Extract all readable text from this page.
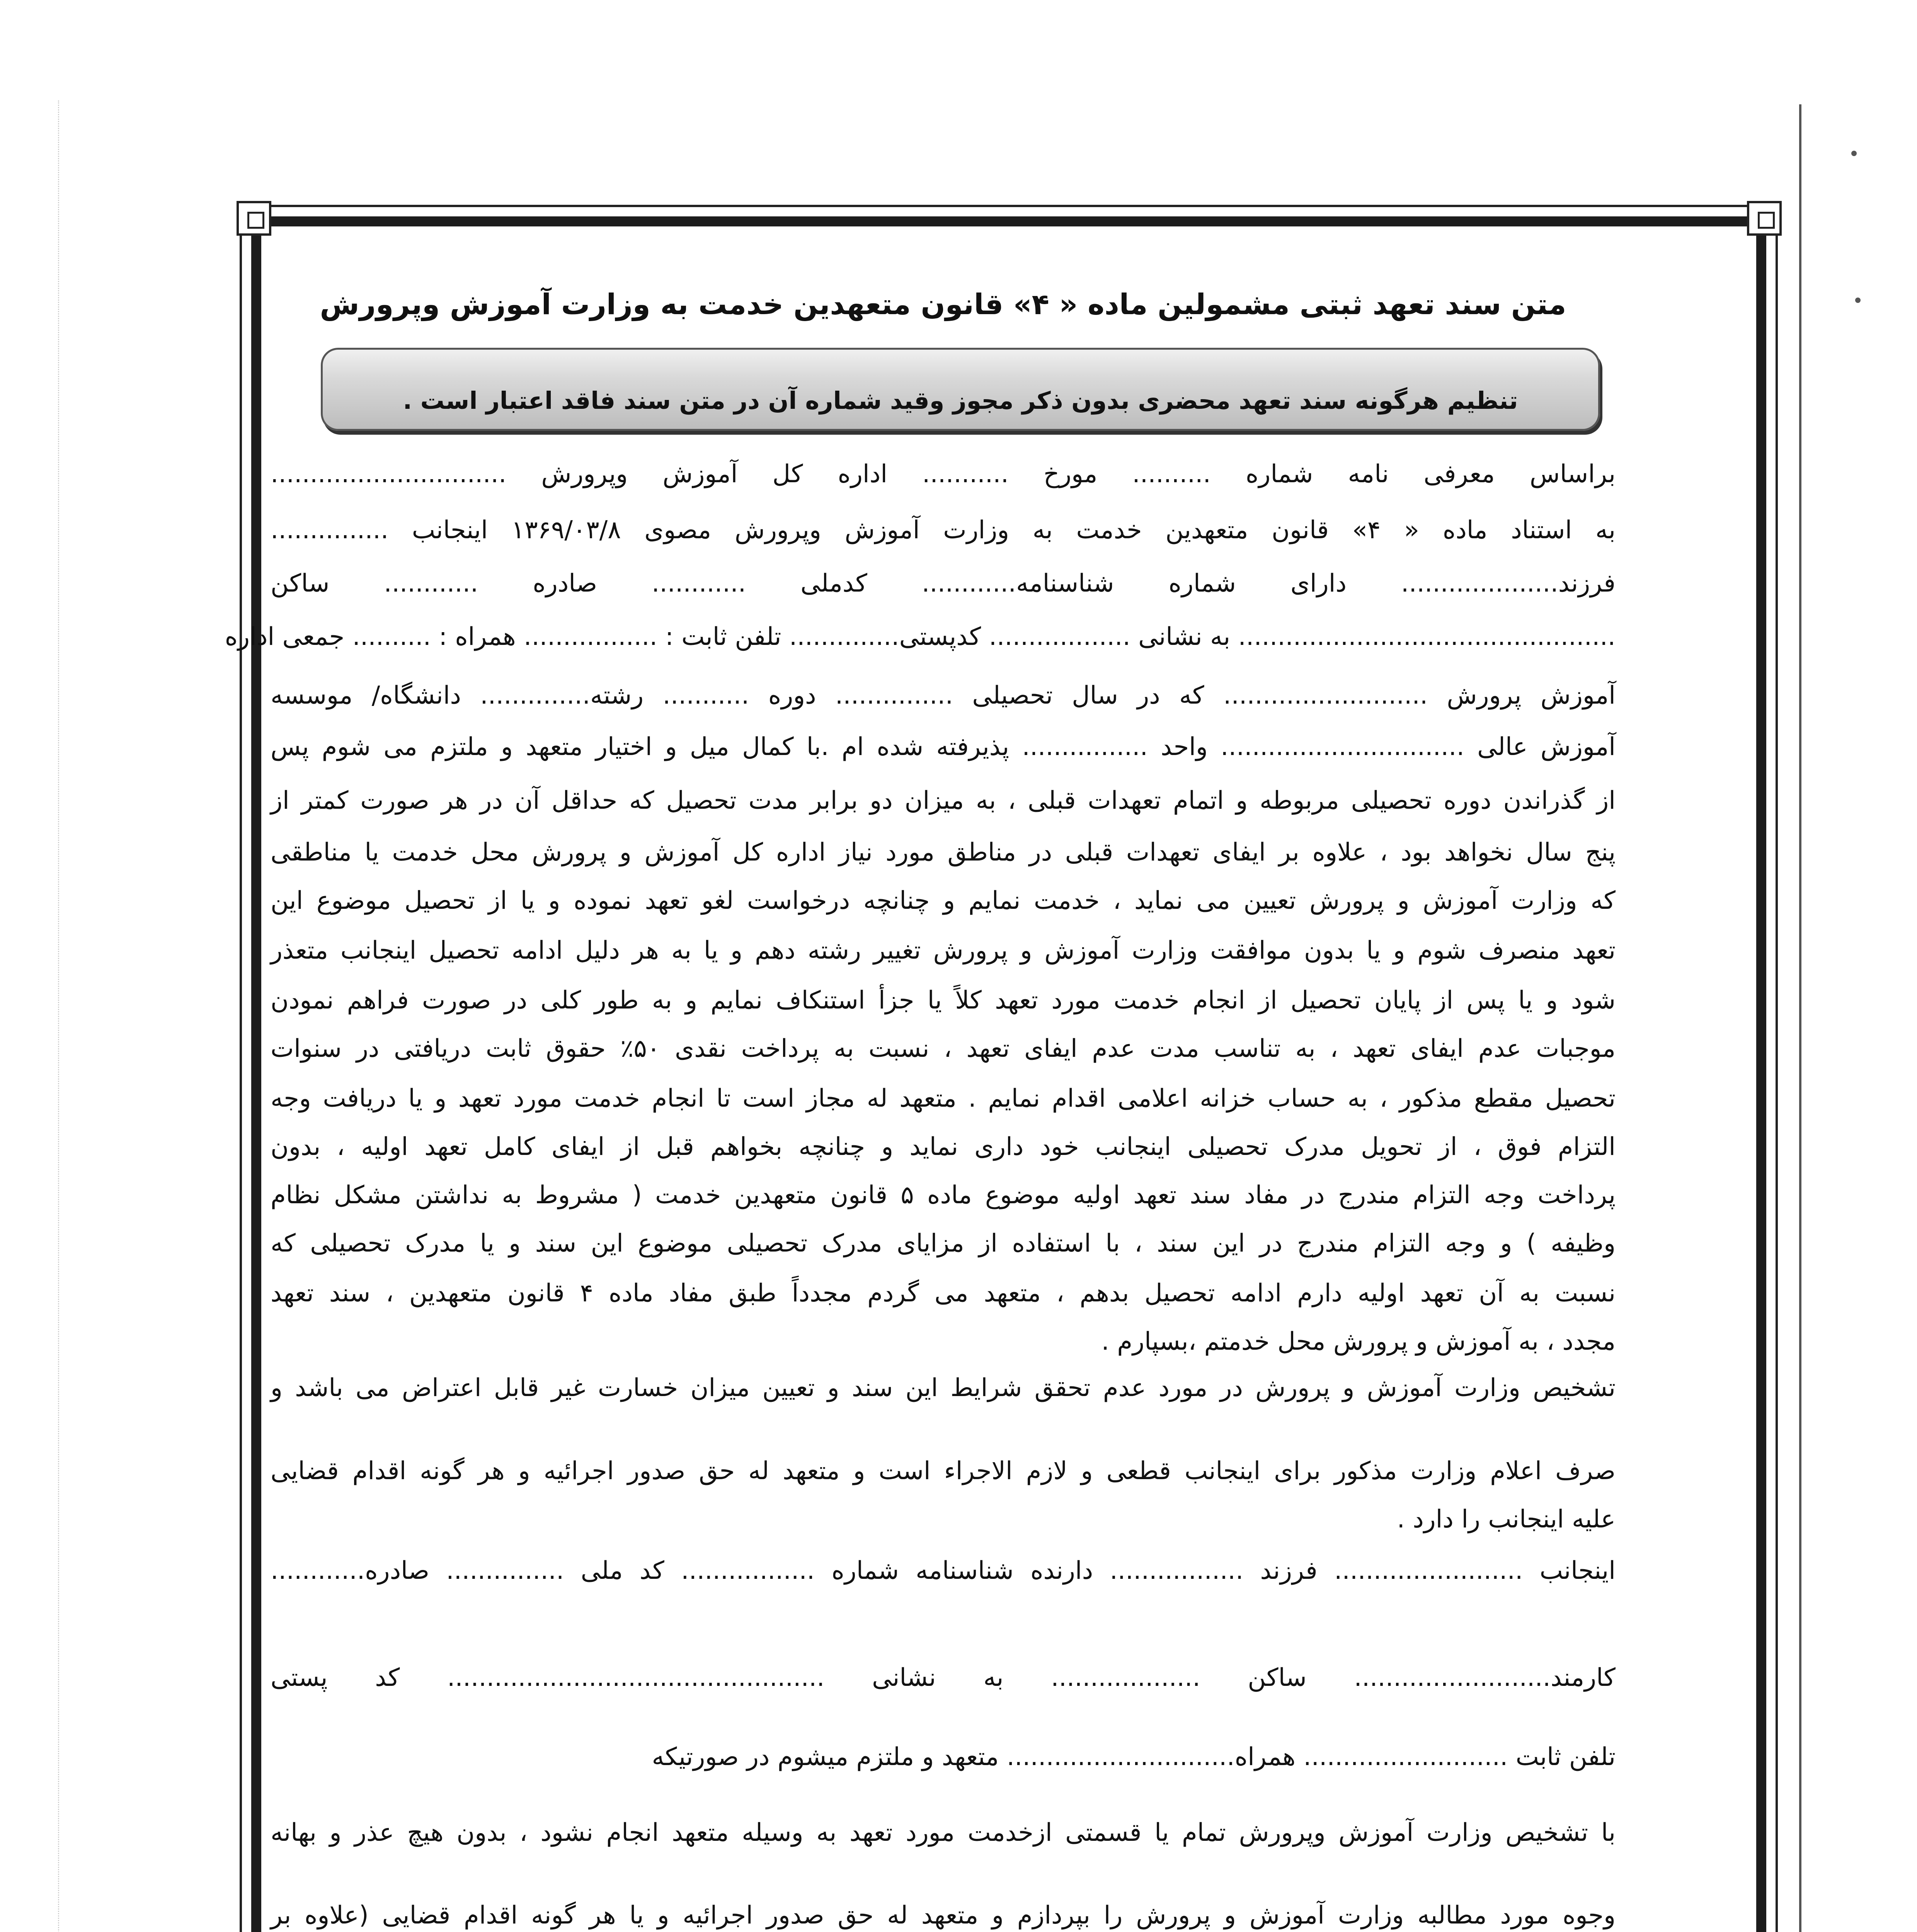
متن سند تعهد ثبتی مشمولین ماده « ۴» قانون متعهدین خدمت به وزارت آموزش وپرورش
تنظیم هرگونه سند تعهد محضری بدون ذکر مجوز وقید شماره آن در متن سند فاقد اعتبار است .
براساس معرفی نامه شماره .......... مورخ ........... اداره کل آموزش وپرورش ..............................
به استناد ماده « ۴» قانون متعهدین خدمت به وزارت آموزش وپرورش مصوی ۱۳۶۹/۰۳/۸ اینجانب ...............
فرزند.................... دارای شماره شناسنامه............ کدملی ............ صادره ............ ساکن
................................................ به نشانی .................. کدپستی.............. تلفن ثابت : ................. همراه : .......... جمعی اداره
آموزش پرورش .......................... که در سال تحصیلی ............... دوره ........... رشته.............. دانشگاه/ موسسه
آموزش عالی ............................... واحد ................ پذیرفته شده ام .با کمال میل و اختیار متعهد و ملتزم می شوم پس
از گذراندن دوره تحصیلی مربوطه و اتمام تعهدات قبلی ، به میزان دو برابر مدت تحصیل که حداقل آن در هر صورت کمتر از
پنج سال نخواهد بود ، علاوه بر ایفای تعهدات قبلی در مناطق مورد نیاز اداره کل آموزش و پرورش محل خدمت یا مناطقی
که وزارت آموزش و پرورش تعیین می نماید ، خدمت نمایم و چنانچه درخواست لغو تعهد نموده و یا از تحصیل موضوع این
تعهد منصرف شوم و یا بدون موافقت وزارت آموزش و پرورش تغییر رشته دهم و یا به هر دلیل ادامه تحصیل اینجانب متعذر
شود و یا پس از پایان تحصیل از انجام خدمت مورد تعهد کلاً یا جزأ استنکاف نمایم و به طور کلی در صورت فراهم نمودن
موجبات عدم ایفای تعهد ، به تناسب مدت عدم ایفای تعهد ، نسبت به پرداخت نقدی ۵۰٪ حقوق ثابت دریافتی در سنوات
تحصیل مقطع مذکور ، به حساب خزانه اعلامی اقدام نمایم . متعهد له مجاز است تا انجام خدمت مورد تعهد و یا دریافت وجه
التزام فوق ، از تحویل مدرک تحصیلی اینجانب خود داری نماید و چنانچه بخواهم قبل از ایفای کامل تعهد اولیه ، بدون
پرداخت وجه التزام مندرج در مفاد سند تعهد اولیه موضوع ماده ۵ قانون متعهدین خدمت ( مشروط به نداشتن مشکل نظام
وظیفه ) و وجه التزام مندرج در این سند ، با استفاده از مزایای مدرک تحصیلی موضوع این سند و یا مدرک تحصیلی که
نسبت به آن تعهد اولیه دارم ادامه تحصیل بدهم ، متعهد می گردم مجدداً طبق مفاد ماده ۴ قانون متعهدین ، سند تعهد
مجدد ، به آموزش و پرورش محل خدمتم ،بسپارم .
تشخیص وزارت آموزش و پرورش در مورد عدم تحقق شرایط این سند و تعیین میزان خسارت غیر قابل اعتراض می باشد و
صرف اعلام وزارت مذکور برای اینجانب قطعی و لازم الاجراء است و متعهد له حق صدور اجرائیه و هر گونه اقدام قضایی
علیه اینجانب را دارد .
اینجانب ........................ فرزند ................. دارنده شناسنامه شماره ................. کد ملی ............... صادره............
کارمند......................... ساکن ................... به نشانی ................................................ کد پستی
تلفن ثابت .......................... همراه............................. متعهد و ملتزم میشوم در صورتیکه
با تشخیص وزارت آموزش وپرورش تمام یا قسمتی ازخدمت مورد تعهد به وسیله متعهد انجام نشود ، بدون هیچ عذر و بهانه
وجوه مورد مطالبه وزارت آموزش و پرورش را بپردازم و متعهد له حق صدور اجرائیه و یا هر گونه اقدام قضایی (علاوه بر
